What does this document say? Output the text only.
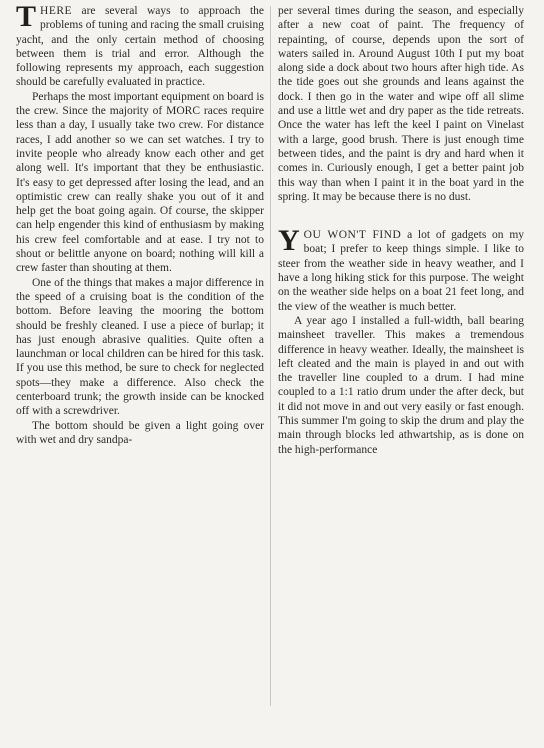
T HERE are several ways to approach the problems of tuning and racing the small cruising yacht, and the only certain method of choosing between them is trial and error. Although the following represents my approach, each suggestion should be carefully evaluated in practice.

Perhaps the most important equipment on board is the crew. Since the majority of MORC races require less than a day, I usually take two crew. For distance races, I add another so we can set watches. I try to invite people who already know each other and get along well. It's important that they be enthusiastic. It's easy to get depressed after losing the lead, and an optimistic crew can really shake you out of it and help get the boat going again. Of course, the skipper can help engender this kind of enthusiasm by making his crew feel comfortable and at ease. I try not to shout or belittle anyone on board; nothing will kill a crew faster than shouting at them.

One of the things that makes a major difference in the speed of a cruising boat is the condition of the bottom. Before leaving the mooring the bottom should be freshly cleaned. I use a piece of burlap; it has just enough abrasive qualities. Quite often a launchman or local children can be hired for this task. If you use this method, be sure to check for neglected spots—they make a difference. Also check the centerboard trunk; the growth inside can be knocked off with a screwdriver.

The bottom should be given a light going over with wet and dry sandpa-

per several times during the season, and especially after a new coat of paint. The frequency of repainting, of course, depends upon the sort of waters sailed in. Around August 10th I put my boat along side a dock about two hours after high tide. As the tide goes out she grounds and leans against the dock. I then go in the water and wipe off all slime and use a little wet and dry paper as the tide retreats. Once the water has left the keel I paint on Vinelast with a large, good brush. There is just enough time between tides, and the paint is dry and hard when it comes in. Curiously enough, I get a better paint job this way than when I paint it in the boat yard in the spring. It may be because there is no dust.

Y OU WON'T FIND a lot of gadgets on my boat; I prefer to keep things simple. I like to steer from the weather side in heavy weather, and I have a long hiking stick for this purpose. The weight on the weather side helps on a boat 21 feet long, and the view of the weather is much better.

A year ago I installed a full-width, ball bearing mainsheet traveller. This makes a tremendous difference in heavy weather. Ideally, the mainsheet is left cleated and the main is played in and out with the traveller line coupled to a drum. I had mine coupled to a 1:1 ratio drum under the after deck, but it did not move in and out very easily or fast enough. This summer I'm going to skip the drum and play the main through blocks led athwartship, as is done on the high-performance
